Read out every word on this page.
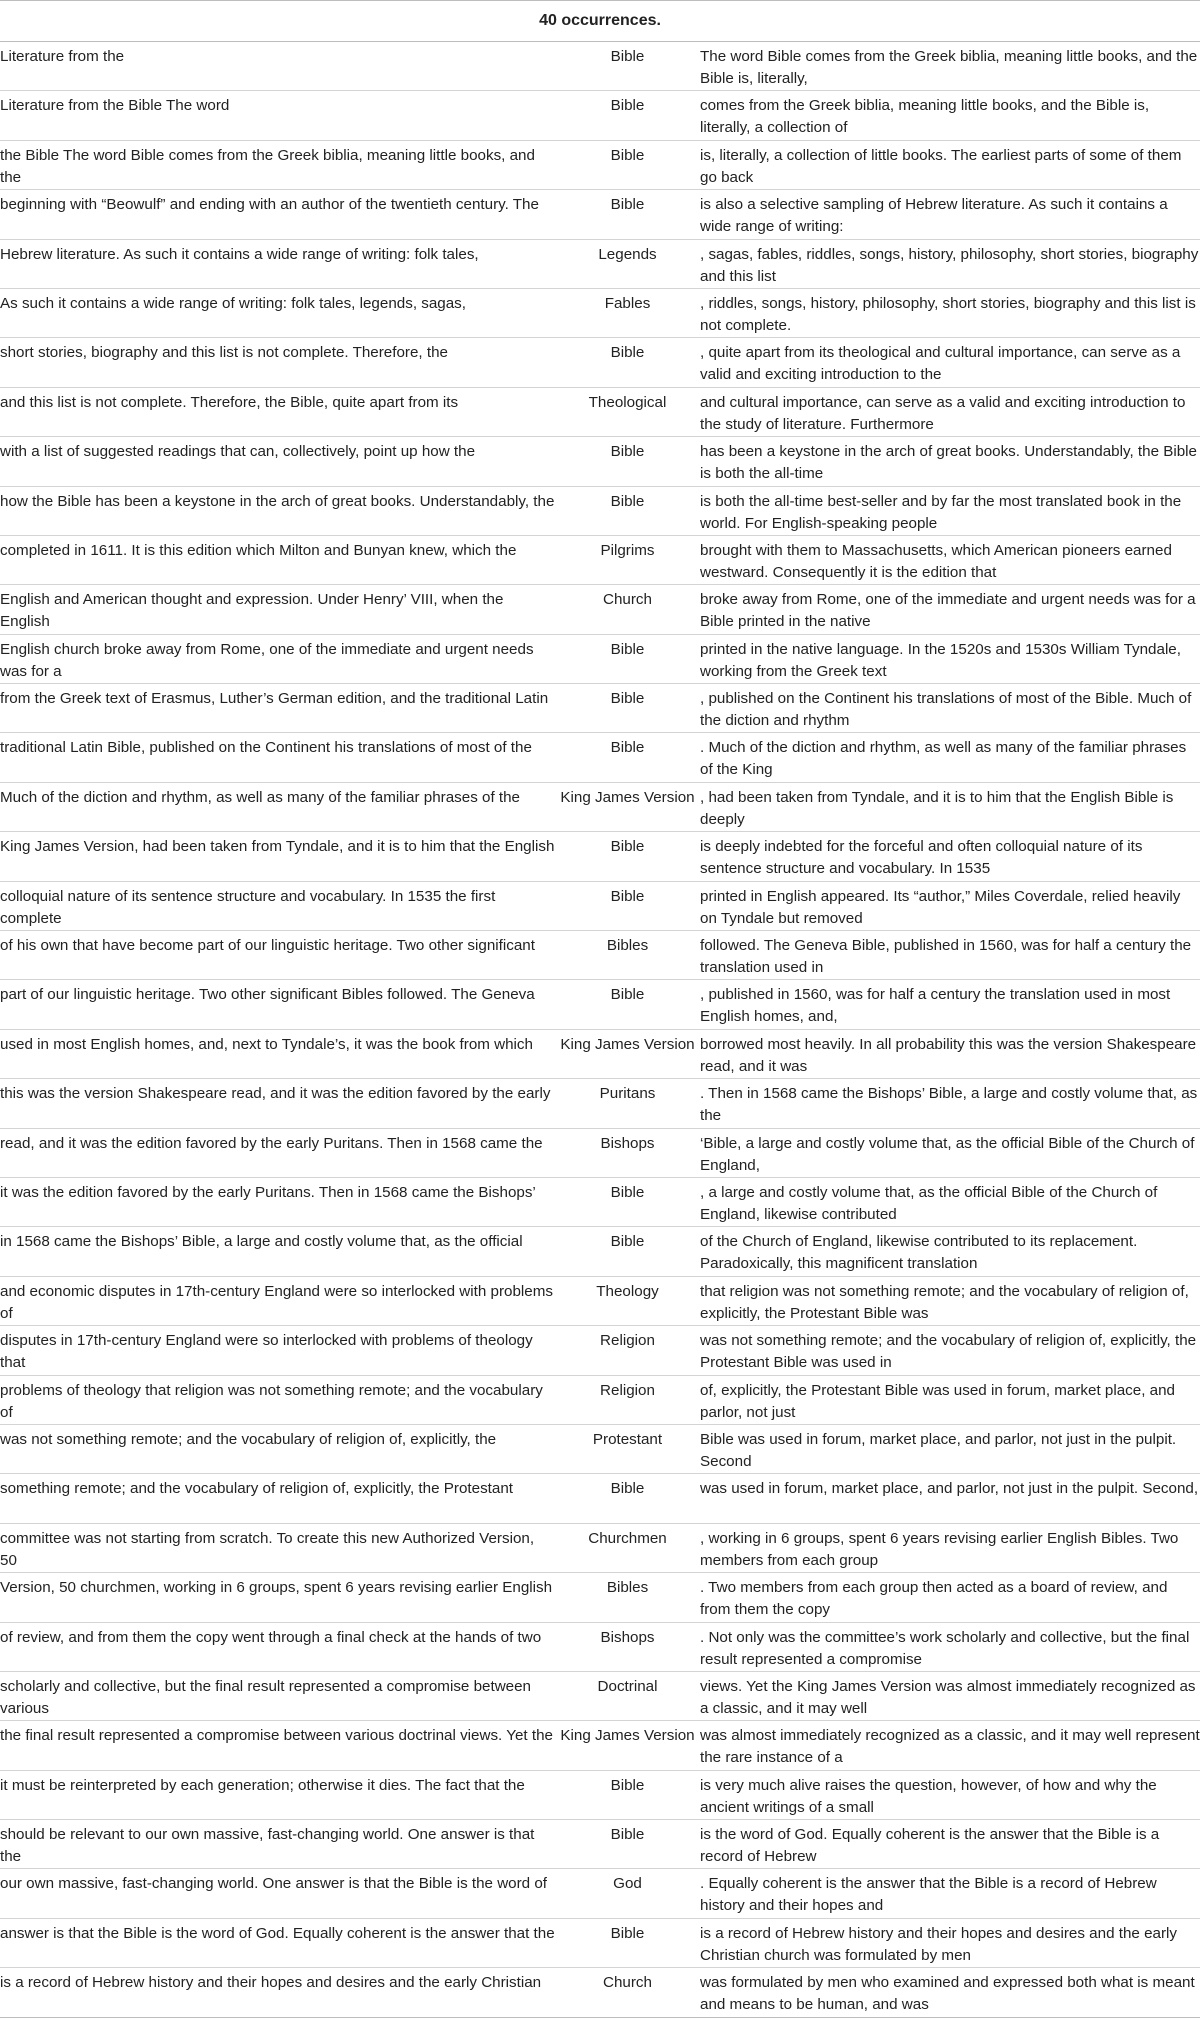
40 occurrences.		
Literature from the	Bible	The word Bible comes from the Greek biblia, meaning little books, and the Bible is, literally,
Literature from the Bible The word	Bible	comes from the Greek biblia, meaning little books, and the Bible is, literally, a collection of
the Bible The word Bible comes from the Greek biblia, meaning little books, and the	Bible	is, literally, a collection of little books. The earliest parts of some of them go back
beginning with “Beowulf” and ending with an author of the twentieth century. The	Bible	is also a selective sampling of Hebrew literature. As such it contains a wide range of writing:
Hebrew literature. As such it contains a wide range of writing: folk tales,	Legends	, sagas, fables, riddles, songs, history, philosophy, short stories, biography and this list
As such it contains a wide range of writing: folk tales, legends, sagas,	Fables	, riddles, songs, history, philosophy, short stories, biography and this list is not complete.
short stories, biography and this list is not complete. Therefore, the	Bible	, quite apart from its theological and cultural importance, can serve as a valid and exciting introduction to the
and this list is not complete. Therefore, the Bible, quite apart from its	Theological	and cultural importance, can serve as a valid and exciting introduction to the study of literature. Furthermore
with a list of suggested readings that can, collectively, point up how the	Bible	has been a keystone in the arch of great books. Understandably, the Bible is both the all-time
how the Bible has been a keystone in the arch of great books. Understandably, the	Bible	is both the all-time best-seller and by far the most translated book in the world. For English-speaking people
completed in 1611. It is this edition which Milton and Bunyan knew, which the	Pilgrims	brought with them to Massachusetts, which American pioneers earned westward. Consequently it is the edition that
English and American thought and expression. Under Henry’ VIII, when the English	Church	broke away from Rome, one of the immediate and urgent needs was for a Bible printed in the native
English church broke away from Rome, one of the immediate and urgent needs was for a	Bible	printed in the native language. In the 1520s and 1530s William Tyndale, working from the Greek text
from the Greek text of Erasmus, Luther’s German edition, and the traditional Latin	Bible	, published on the Continent his translations of most of the Bible. Much of the diction and rhythm
traditional Latin Bible, published on the Continent his translations of most of the	Bible	. Much of the diction and rhythm, as well as many of the familiar phrases of the King
Much of the diction and rhythm, as well as many of the familiar phrases of the	King James Version	, had been taken from Tyndale, and it is to him that the English Bible is deeply
King James Version, had been taken from Tyndale, and it is to him that the English	Bible	is deeply indebted for the forceful and often colloquial nature of its sentence structure and vocabulary. In 1535
colloquial nature of its sentence structure and vocabulary. In 1535 the first complete	Bible	printed in English appeared. Its “author,” Miles Coverdale, relied heavily on Tyndale but removed
of his own that have become part of our linguistic heritage. Two other significant	Bibles	followed. The Geneva Bible, published in 1560, was for half a century the translation used in
part of our linguistic heritage. Two other significant Bibles followed. The Geneva	Bible	, published in 1560, was for half a century the translation used in most English homes, and,
used in most English homes, and, next to Tyndale’s, it was the book from which	King James Version	borrowed most heavily. In all probability this was the version Shakespeare read, and it was
this was the version Shakespeare read, and it was the edition favored by the early	Puritans	. Then in 1568 came the Bishops’ Bible, a large and costly volume that, as the
read, and it was the edition favored by the early Puritans. Then in 1568 came the	Bishops	‘Bible, a large and costly volume that, as the official Bible of the Church of England,
it was the edition favored by the early Puritans. Then in 1568 came the Bishops’	Bible	, a large and costly volume that, as the official Bible of the Church of England, likewise contributed
in 1568 came the Bishops’ Bible, a large and costly volume that, as the official	Bible	of the Church of England, likewise contributed to its replacement. Paradoxically, this magnificent translation
and economic disputes in 17th-century England were so interlocked with problems of	Theology	that religion was not something remote; and the vocabulary of religion of, explicitly, the Protestant Bible was
disputes in 17th-century England were so interlocked with problems of theology that	Religion	was not something remote; and the vocabulary of religion of, explicitly, the Protestant Bible was used in
problems of theology that religion was not something remote; and the vocabulary of	Religion	of, explicitly, the Protestant Bible was used in forum, market place, and parlor, not just
was not something remote; and the vocabulary of religion of, explicitly, the	Protestant	Bible was used in forum, market place, and parlor, not just in the pulpit. Second
something remote; and the vocabulary of religion of, explicitly, the Protestant	Bible	was used in forum, market place, and parlor, not just in the pulpit. Second,
committee was not starting from scratch. To create this new Authorized Version, 50	Churchmen	, working in 6 groups, spent 6 years revising earlier English Bibles. Two members from each group
Version, 50 churchmen, working in 6 groups, spent 6 years revising earlier English	Bibles	. Two members from each group then acted as a board of review, and from them the copy
of review, and from them the copy went through a final check at the hands of two	Bishops	. Not only was the committee’s work scholarly and collective, but the final result represented a compromise
scholarly and collective, but the final result represented a compromise between various	Doctrinal	views. Yet the King James Version was almost immediately recognized as a classic, and it may well
the final result represented a compromise between various doctrinal views. Yet the	King James Version	was almost immediately recognized as a classic, and it may well represent the rare instance of a
it must be reinterpreted by each generation; otherwise it dies. The fact that the	Bible	is very much alive raises the question, however, of how and why the ancient writings of a small
should be relevant to our own massive, fast-changing world. One answer is that the	Bible	is the word of God. Equally coherent is the answer that the Bible is a record of Hebrew
our own massive, fast-changing world. One answer is that the Bible is the word of	God	. Equally coherent is the answer that the Bible is a record of Hebrew history and their hopes and
answer is that the Bible is the word of God. Equally coherent is the answer that the	Bible	is a record of Hebrew history and their hopes and desires and the early Christian church was formulated by men
is a record of Hebrew history and their hopes and desires and the early Christian	Church	was formulated by men who examined and expressed both what is meant and means to be human, and was
